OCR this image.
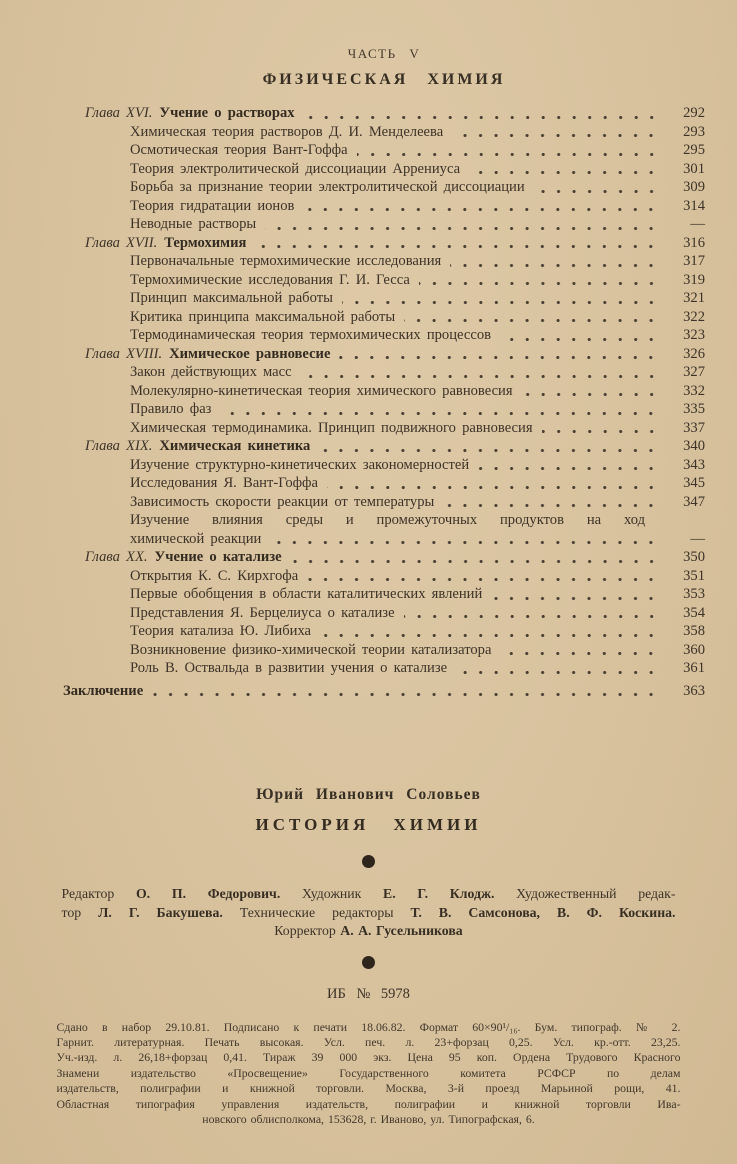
ЧАСТЬ V
ФИЗИЧЕСКАЯ ХИМИЯ
Глава XVI. Учение о растворах	292
Химическая теория растворов Д. И. Менделеева	293
Осмотическая теория Вант-Гоффа	295
Теория электролитической диссоциации Аррениуса	301
Борьба за признание теории электролитической диссоциации	309
Теория гидратации ионов	314
Неводные растворы	—
Глава XVII. Термохимия	316
Первоначальные термохимические исследования	317
Термохимические исследования Г. И. Гесса	319
Принцип максимальной работы	321
Критика принципа максимальной работы	322
Термодинамическая теория термохимических процессов	323
Глава XVIII. Химическое равновесие	326
Закон действующих масс	327
Молекулярно-кинетическая теория химического равновесия	332
Правило фаз	335
Химическая термодинамика. Принцип подвижного равновесия	337
Глава XIX. Химическая кинетика	340
Изучение структурно-кинетических закономерностей	343
Исследования Я. Вант-Гоффа	345
Зависимость скорости реакции от температуры	347
Изучение влияния среды и промежуточных продуктов на ход
химической реакции	—
Глава XX. Учение о катализе	350
Открытия К. С. Кирхгофа	351
Первые обобщения в области каталитических явлений	353
Представления Я. Берцелиуса о катализе	354
Теория катализа Ю. Либиха	358
Возникновение физико-химической теории катализатора	360
Роль В. Оствальда в развитии учения о катализе	361
Заключение	363
Юрий Иванович Соловьев
ИСТОРИЯ ХИМИИ
Редактор О. П. Федорович. Художник Е. Г. Клодж. Художественный редак-
тор Л. Г. Бакушева. Технические редакторы Т. В. Самсонова, В. Ф. Коскина.
Корректор А. А. Гусельникова
ИБ № 5978
Сдано в набор 29.10.81. Подписано к печати 18.06.82. Формат 60×90¹/₁₆. Бум. типограф. № 2.
Гарнит. литературная. Печать высокая. Усл. печ. л. 23+форзац 0,25. Усл. кр.-отт. 23,25.
Уч.-изд. л. 26,18+форзац 0,41. Тираж 39 000 экз. Цена 95 коп. Ордена Трудового Красного
Знамени издательство «Просвещение» Государственного комитета РСФСР по делам
издательств, полиграфии и книжной торговли. Москва, 3-й проезд Марьиной рощи, 41.
Областная типография управления издательств, полиграфии и книжной торговли Ива-
новского облисполкома, 153628, г. Иваново, ул. Типографская, 6.
